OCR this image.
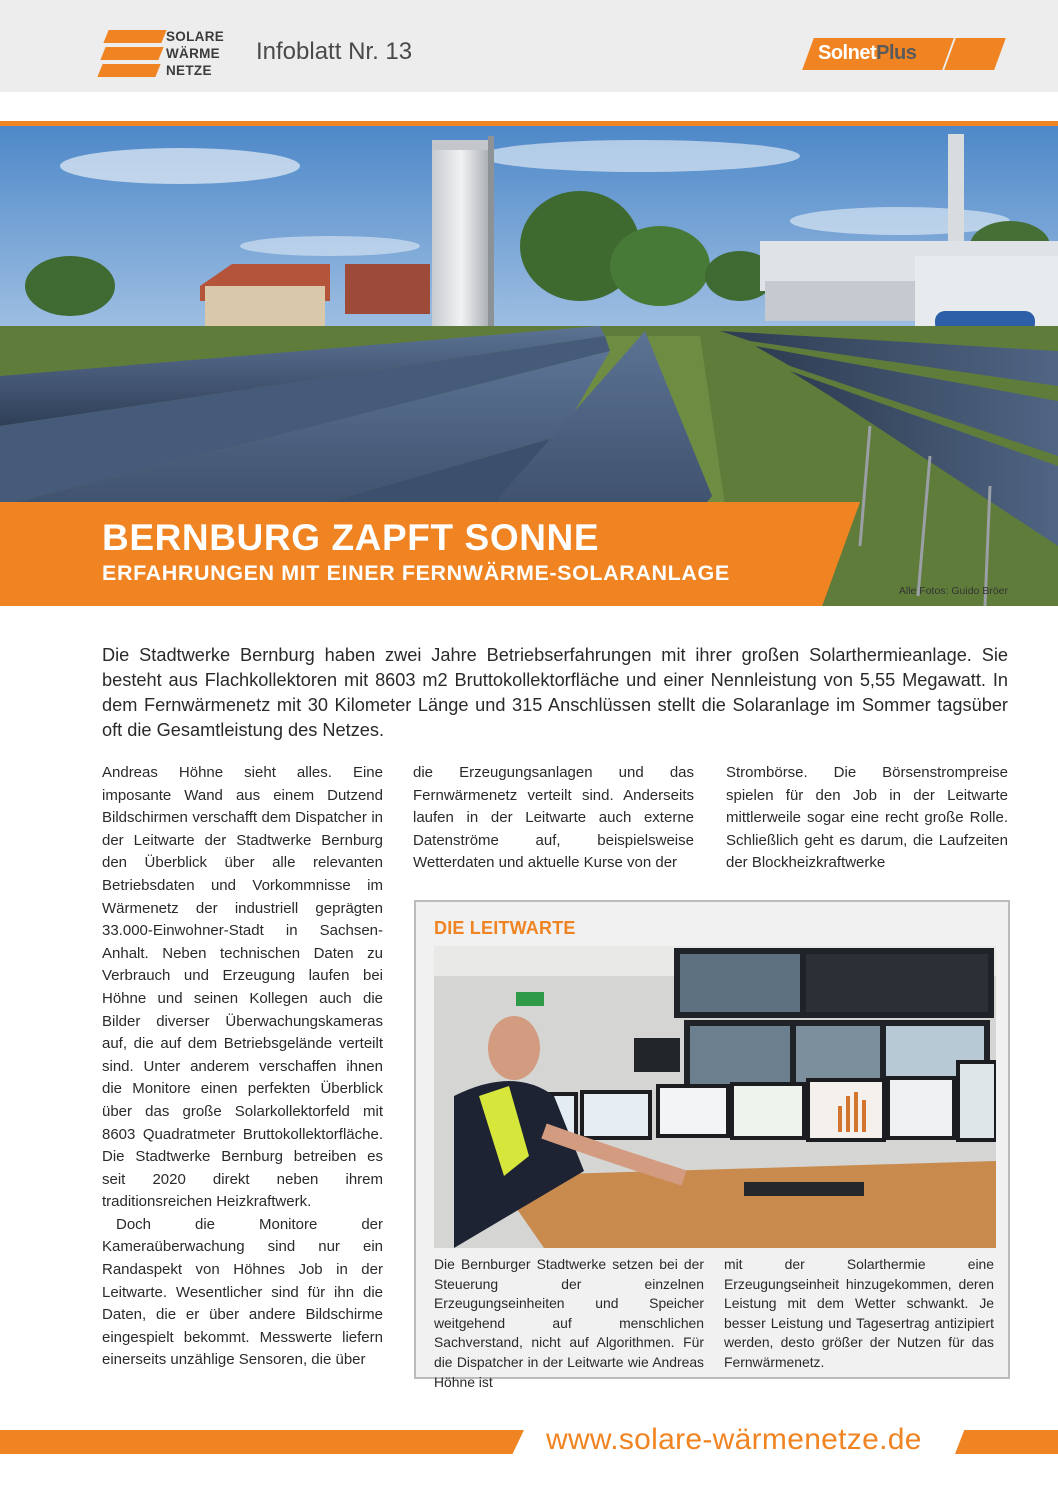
SOLARE
WÄRME
NETZE
Infoblatt Nr. 13	SolnetPlus
BERNBURG ZAPFT SONNE
ERFAHRUNGEN MIT EINER FERNWÄRME-SOLARANLAGE
Alle Fotos: Guido Bröer

Die Stadtwerke Bernburg haben zwei Jahre Betriebserfahrungen mit ihrer großen Solarthermieanlage. Sie besteht aus Flachkollektoren mit 8603 m2 Bruttokollektorfläche und einer Nennleistung von 5,55 Megawatt. In dem Fernwärmenetz mit 30 Kilometer Länge und 315 Anschlüssen stellt die Solaranlage im Sommer tagsüber oft die Gesamtleistung des Netzes.

Andreas Höhne sieht alles. Eine imposante Wand aus einem Dutzend Bildschirmen verschafft dem Dispatcher in der Leitwarte der Stadtwerke Bernburg den Überblick über alle relevanten Betriebsdaten und Vorkommnisse im Wärmenetz der industriell geprägten 33.000-Einwohner-Stadt in Sachsen-Anhalt. Neben technischen Daten zu Verbrauch und Erzeugung laufen bei Höhne und seinen Kollegen auch die Bilder diverser Überwachungskameras auf, die auf dem Betriebsgelände verteilt sind. Unter anderem verschaffen ihnen die Monitore einen perfekten Überblick über das große Solarkollektorfeld mit 8603 Quadratmeter Bruttokollektorfläche. Die Stadtwerke Bernburg betreiben es seit 2020 direkt neben ihrem traditionsreichen Heizkraftwerk.

Doch die Monitore der Kameraüberwachung sind nur ein Randaspekt von Höhnes Job in der Leitwarte. Wesentlicher sind für ihn die Daten, die er über andere Bildschirme eingespielt bekommt. Messwerte liefern einerseits unzählige Sensoren, die über

die Erzeugungsanlagen und das Fernwärmenetz verteilt sind. Anderseits laufen in der Leitwarte auch externe Datenströme auf, beispielsweise Wetterdaten und aktuelle Kurse von der

Strombörse. Die Börsenstrompreise spielen für den Job in der Leitwarte mittlerweile sogar eine recht große Rolle. Schließlich geht es darum, die Laufzeiten der Blockheizkraftwerke

DIE LEITWARTE

Die Bernburger Stadtwerke setzen bei der Steuerung der einzelnen Erzeugungseinheiten und Speicher weitgehend auf menschlichen Sachverstand, nicht auf Algorithmen. Für die Dispatcher in der Leitwarte wie Andreas Höhne ist

mit der Solarthermie eine Erzeugungseinheit hinzugekommen, deren Leistung mit dem Wetter schwankt. Je besser Leistung und Tagesertrag antizipiert werden, desto größer der Nutzen für das Fernwärmenetz.

www.solare-wärmenetze.de
